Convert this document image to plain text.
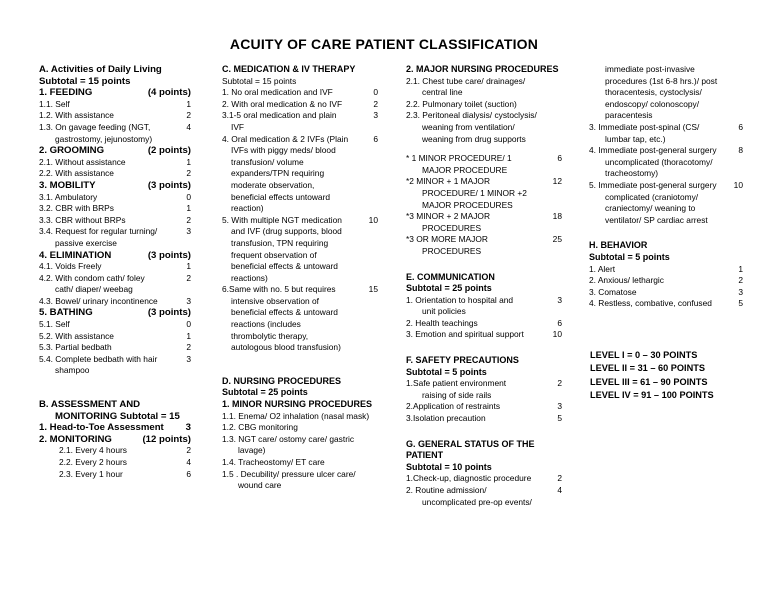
ACUITY OF CARE PATIENT CLASSIFICATION
A. Activities of Daily Living
Subtotal = 15 points
1. FEEDING	(4 points)
1.1. Self	1
1.2. With assistance	2
1.3. On gavage feeding (NGT,	4
gastrostomy, jejunostomy)
2. GROOMING	(2 points)
2.1. Without assistance	1
2.2. With assistance	2
3. MOBILITY	(3 points)
3.1. Ambulatory	0
3.2. CBR with BRPs	1
3.3. CBR without BRPs	2
3.4. Request for regular turning/	3
passive exercise
4. ELIMINATION	(3 points)
4.1. Voids Freely	1
4.2. With condom cath/ foley	2
cath/ diaper/ weebag
4.3. Bowel/ urinary incontinence	3
5. BATHING	(3 points)
5.1. Self	0
5.2. With assistance	1
5.3. Partial bedbath	2
5.4. Complete bedbath with hair	3
shampoo
B. ASSESSMENT AND
MONITORING Subtotal = 15
1. Head-to-Toe Assessment 3
2. MONITORING	(12 points)
2.1. Every 4 hours	2
2.2. Every 2 hours	4
2.3. Every 1 hour	6
C. MEDICATION & IV THERAPY
Subtotal = 15 points
1. No oral medication and IVF	0
2. With oral medication & no IVF	2
3.1-5 oral medication and plain	3
IVF
4. Oral medication & 2 IVFs (Plain	6
IVFs with piggy meds/ blood
transfusion/ volume
expanders/TPN requiring
moderate observation,
beneficial effects untoward
reaction)
5. With multiple NGT medication	10
and IVF (drug supports, blood
transfusion, TPN requiring
frequent observation of
beneficial effects & untoward
reactions)
6.Same with no. 5 but requires	15
intensive observation of
beneficial effects & untoward
reactions (includes
thrombolytic therapy,
autologous blood transfusion)
D. NURSING PROCEDURES
Subtotal = 25 points
1. MINOR NURSING PROCEDURES
1.1. Enema/ O2 inhalation (nasal mask)
1.2. CBG monitoring
1.3. NGT care/ ostomy care/ gastric
lavage)
1.4. Tracheostomy/ ET care
1.5 . Decubility/ pressure ulcer care/
wound care
2. MAJOR NURSING PROCEDURES
2.1. Chest tube care/ drainages/
central line
2.2. Pulmonary toilet (suction)
2.3. Peritoneal dialysis/ cystoclysis/
weaning from ventilation/
weaning from drug supports
* 1 MINOR PROCEDURE/ 1	6
MAJOR PROCEDURE
*2 MINOR + 1 MAJOR	12
PROCEDURE/ 1 MINOR +2
MAJOR PROCEDURES
*3 MINOR + 2 MAJOR	18
PROCEDURES
*3 OR MORE MAJOR	25
PROCEDURES
E. COMMUNICATION
Subtotal = 25 points
1. Orientation to hospital and	3
unit policies
2. Health teachings	6
3. Emotion and spiritual support	10
F. SAFETY PRECAUTIONS
Subtotal = 5 points
1.Safe patient environment	2
raising of side rails
2.Application of restraints	3
3.Isolation precaution	5
G. GENERAL STATUS OF THE
PATIENT
Subtotal = 10 points
1.Check-up, diagnostic procedure	2
2. Routine admission/	4
uncomplicated pre-op events/
immediate post-invasive
procedures (1st 6-8 hrs.)/ post
thoracentesis, cystoclysis/
endoscopy/ colonoscopy/
paracentesis
3. Immediate post-spinal (CS/	6
lumbar tap, etc.)
4. Immediate post-general surgery	8
uncomplicated (thoracotomy/
tracheostomy)
5. Immediate post-general surgery 10
complicated (craniotomy/
craniectomy/ weaning to
ventilator/ SP cardiac arrest
H. BEHAVIOR
Subtotal = 5 points
1. Alert	1
2. Anxious/ lethargic	2
3. Comatose	3
4. Restless, combative, confused	5
LEVEL I = 0 – 30 POINTS
LEVEL II = 31 – 60 POINTS
LEVEL III = 61 – 90 POINTS
LEVEL IV = 91 – 100 POINTS
